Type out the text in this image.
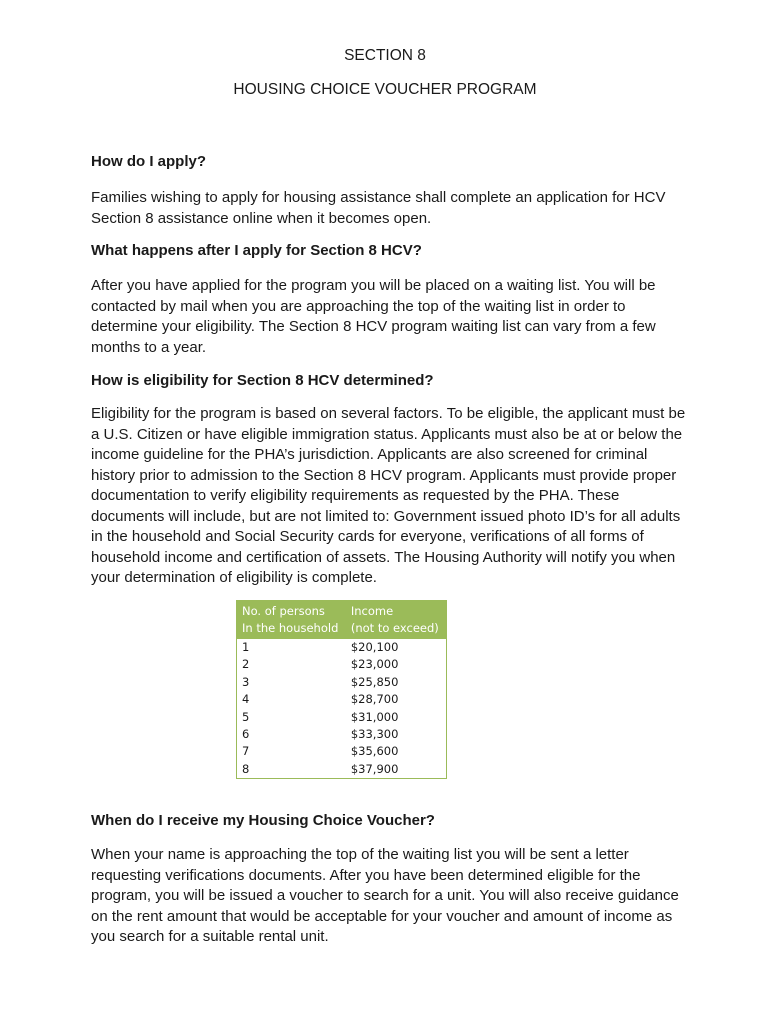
SECTION 8
HOUSING CHOICE VOUCHER PROGRAM
How do I apply?

Families wishing to apply for housing assistance shall complete an application for HCV Section 8 assistance online when it becomes open.

What happens after I apply for Section 8 HCV?

After you have applied for the program you will be placed on a waiting list. You will be contacted by mail when you are approaching the top of the waiting list in order to determine your eligibility. The Section 8 HCV program waiting list can vary from a few months to a year.

How is eligibility for Section 8 HCV determined?

Eligibility for the program is based on several factors. To be eligible, the applicant must be a U.S. Citizen or have eligible immigration status. Applicants must also be at or below the income guideline for the PHA’s jurisdiction. Applicants are also screened for criminal history prior to admission to the Section 8 HCV program. Applicants must provide proper documentation to verify eligibility requirements as requested by the PHA. These documents will include, but are not limited to: Government issued photo ID’s for all adults in the household and Social Security cards for everyone, verifications of all forms of household income and certification of assets. The Housing Authority will notify you when your determination of eligibility is complete.

No. of persons
In the household	Income
(not to exceed)

1	$20,100
2	$23,000
3	$25,850
4	$28,700
5	$31,000
6	$33,300
7	$35,600
8	$37,900
When do I receive my Housing Choice Voucher?

When your name is approaching the top of the waiting list you will be sent a letter requesting verifications documents. After you have been determined eligible for the program, you will be issued a voucher to search for a unit. You will also receive guidance on the rent amount that would be acceptable for your voucher and amount of income as you search for a suitable rental unit.
